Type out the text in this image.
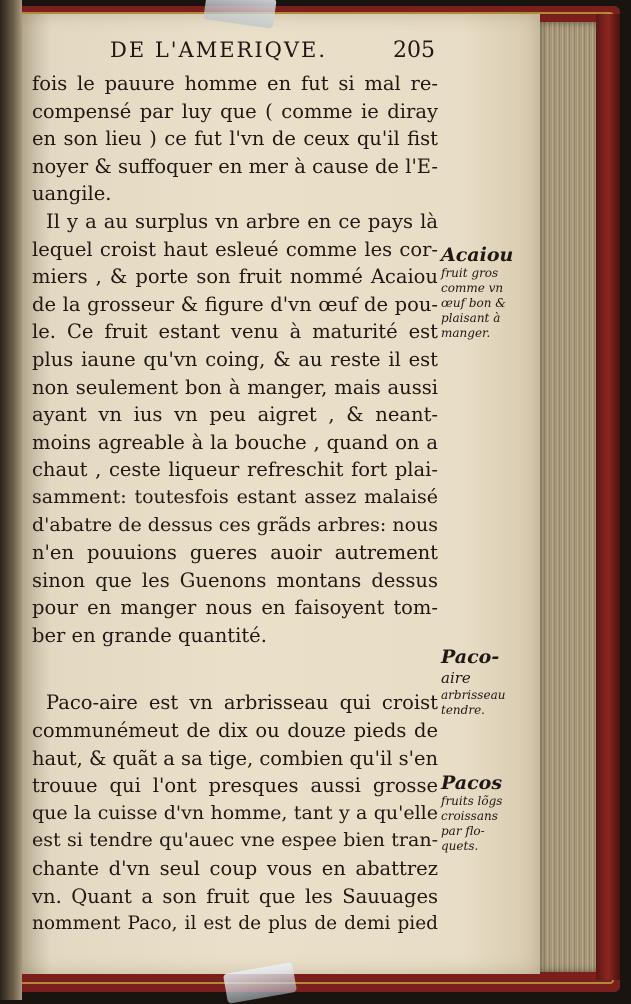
DE L'AMERIQVE.	205
fois le pauure homme en fut si mal re-
compensé par luy que ( comme ie diray
en son lieu ) ce fut l'vn de ceux qu'il fist
noyer & suffoquer en mer à cause de l'E-
uangile.
Il y a au surplus vn arbre en ce pays là
lequel croist haut esleué comme les cor-
miers , & porte son fruit nommé Acaiou
de la grosseur & figure d'vn œuf de pou-
le. Ce fruit estant venu à maturité est
plus iaune qu'vn coing, & au reste il est
non seulement bon à manger, mais aussi
ayant vn ius vn peu aigret , & neant-
moins agreable à la bouche , quand on a
chaut , ceste liqueur refreschit fort plai-
samment: toutesfois estant assez malaisé
d'abatre de dessus ces grãds arbres: nous
n'en pouuions gueres auoir autrement
sinon que les Guenons montans dessus
pour en manger nous en faisoyent tom-
ber en grande quantité.
Paco-aire est vn arbrisseau qui croist
communémeut de dix ou douze pieds de
haut, & quãt a sa tige, combien qu'il s'en
trouue qui l'ont presques aussi grosse
que la cuisse d'vn homme, tant y a qu'elle
est si tendre qu'auec vne espee bien tran-
chante d'vn seul coup vous en abattrez
vn. Quant a son fruit que les Sauuages
nomment Paco, il est de plus de demi pied
Acaiou
fruit gros
comme vn
œuf bon &
plaisant à
manger.
Paco-
aire
arbrisseau
tendre.
Pacos
fruits lõgs
croissans
par flo-
quets.
